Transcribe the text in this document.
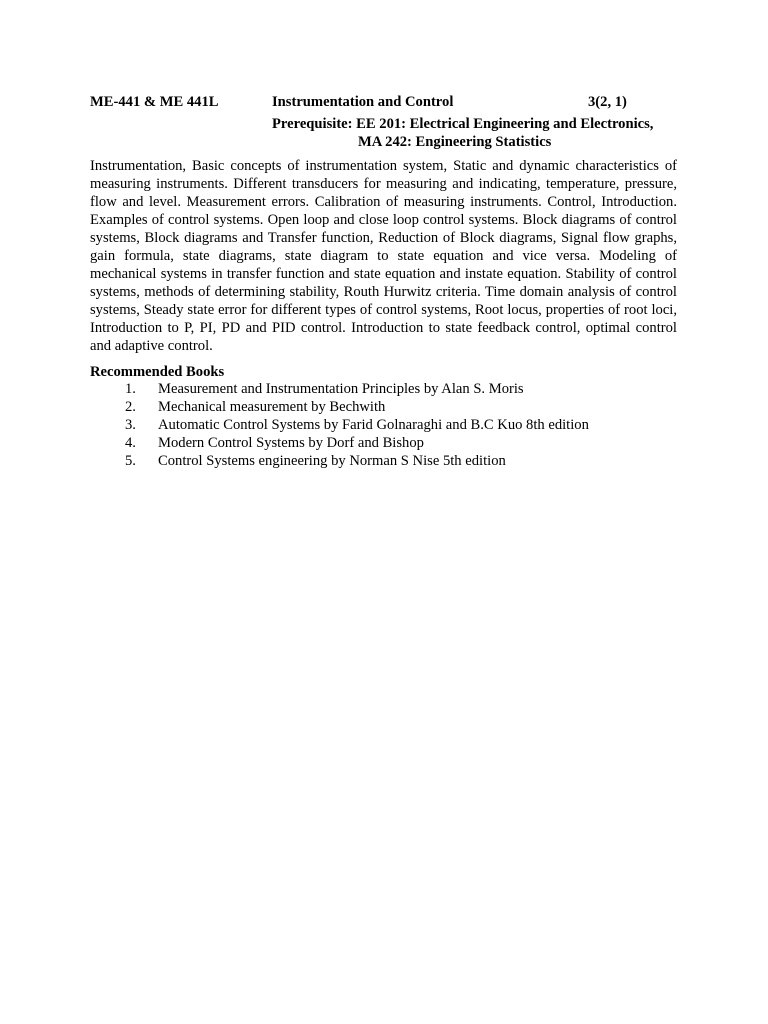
ME-441 & ME 441L	Instrumentation and Control	3(2, 1)
Prerequisite: EE 201: Electrical Engineering and Electronics,
MA 242: Engineering Statistics

Instrumentation, Basic concepts of instrumentation system, Static and dynamic characteristics of measuring instruments. Different transducers for measuring and indicating, temperature, pressure, flow and level. Measurement errors. Calibration of measuring instruments. Control, Introduction. Examples of control systems. Open loop and close loop control systems. Block diagrams of control systems, Block diagrams and Transfer function, Reduction of Block diagrams, Signal flow graphs, gain formula, state diagrams, state diagram to state equation and vice versa. Modeling of mechanical systems in transfer function and state equation and instate equation. Stability of control systems, methods of determining stability, Routh Hurwitz criteria. Time domain analysis of control systems, Steady state error for different types of control systems, Root locus, properties of root loci, Introduction to P, PI, PD and PID control. Introduction to state feedback control, optimal control and adaptive control.

Recommended Books
1.	Measurement and Instrumentation Principles by Alan S. Moris
2.	Mechanical measurement by Bechwith
3.	Automatic Control Systems by Farid Golnaraghi and B.C Kuo 8th edition
4.	Modern Control Systems by Dorf and Bishop
5.	Control Systems engineering by Norman S Nise 5th edition
